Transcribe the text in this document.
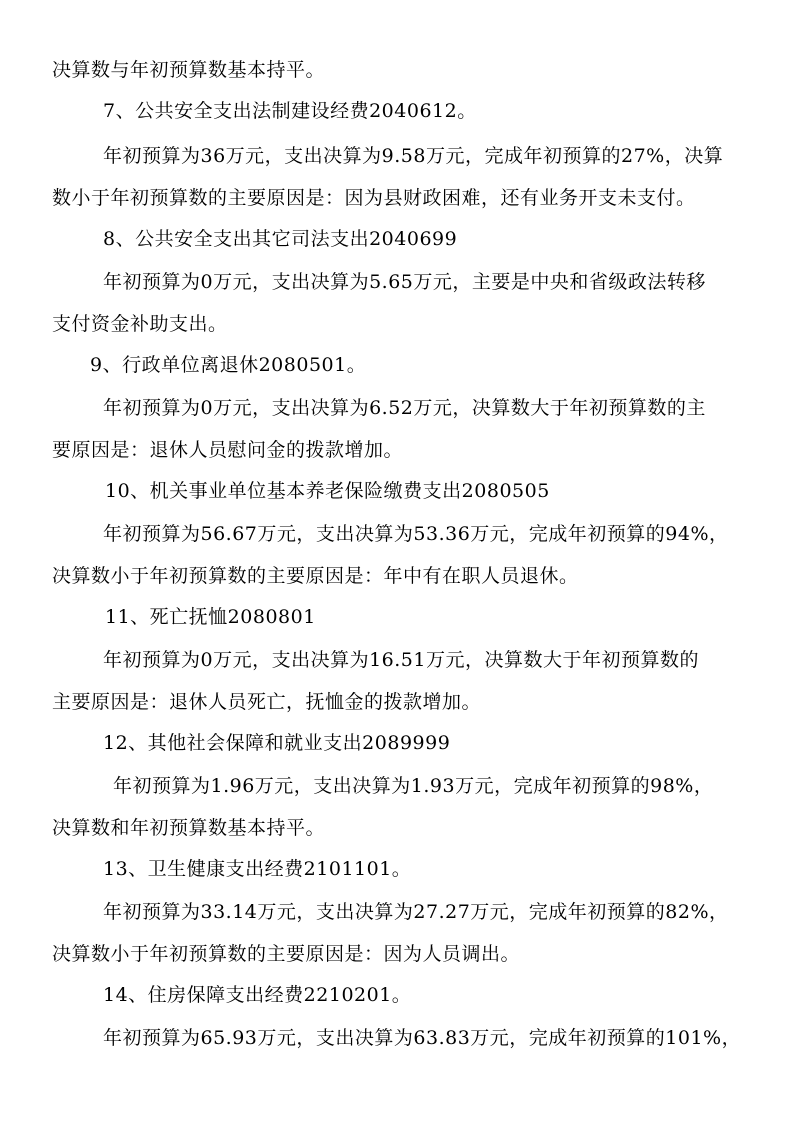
决算数与年初预算数基本持平。
7、公共安全支出法制建设经费2040612。
年初预算为36万元，支出决算为9.58万元，完成年初预算的27%，决算
数小于年初预算数的主要原因是：因为县财政困难，还有业务开支未支付。
8、公共安全支出其它司法支出2040699
年初预算为0万元，支出决算为5.65万元，主要是中央和省级政法转移
支付资金补助支出。
9、行政单位离退休2080501。
年初预算为0万元，支出决算为6.52万元，决算数大于年初预算数的主
要原因是：退休人员慰问金的拨款增加。
10、机关事业单位基本养老保险缴费支出2080505
年初预算为56.67万元，支出决算为53.36万元，完成年初预算的94%，
决算数小于年初预算数的主要原因是：年中有在职人员退休。
11、死亡抚恤2080801
年初预算为0万元，支出决算为16.51万元，决算数大于年初预算数的
主要原因是：退休人员死亡，抚恤金的拨款增加。
12、其他社会保障和就业支出2089999
年初预算为1.96万元，支出决算为1.93万元，完成年初预算的98%，
决算数和年初预算数基本持平。
13、卫生健康支出经费2101101。
年初预算为33.14万元，支出决算为27.27万元，完成年初预算的82%，
决算数小于年初预算数的主要原因是：因为人员调出。
14、住房保障支出经费2210201。
年初预算为65.93万元，支出决算为63.83万元，完成年初预算的101%，
